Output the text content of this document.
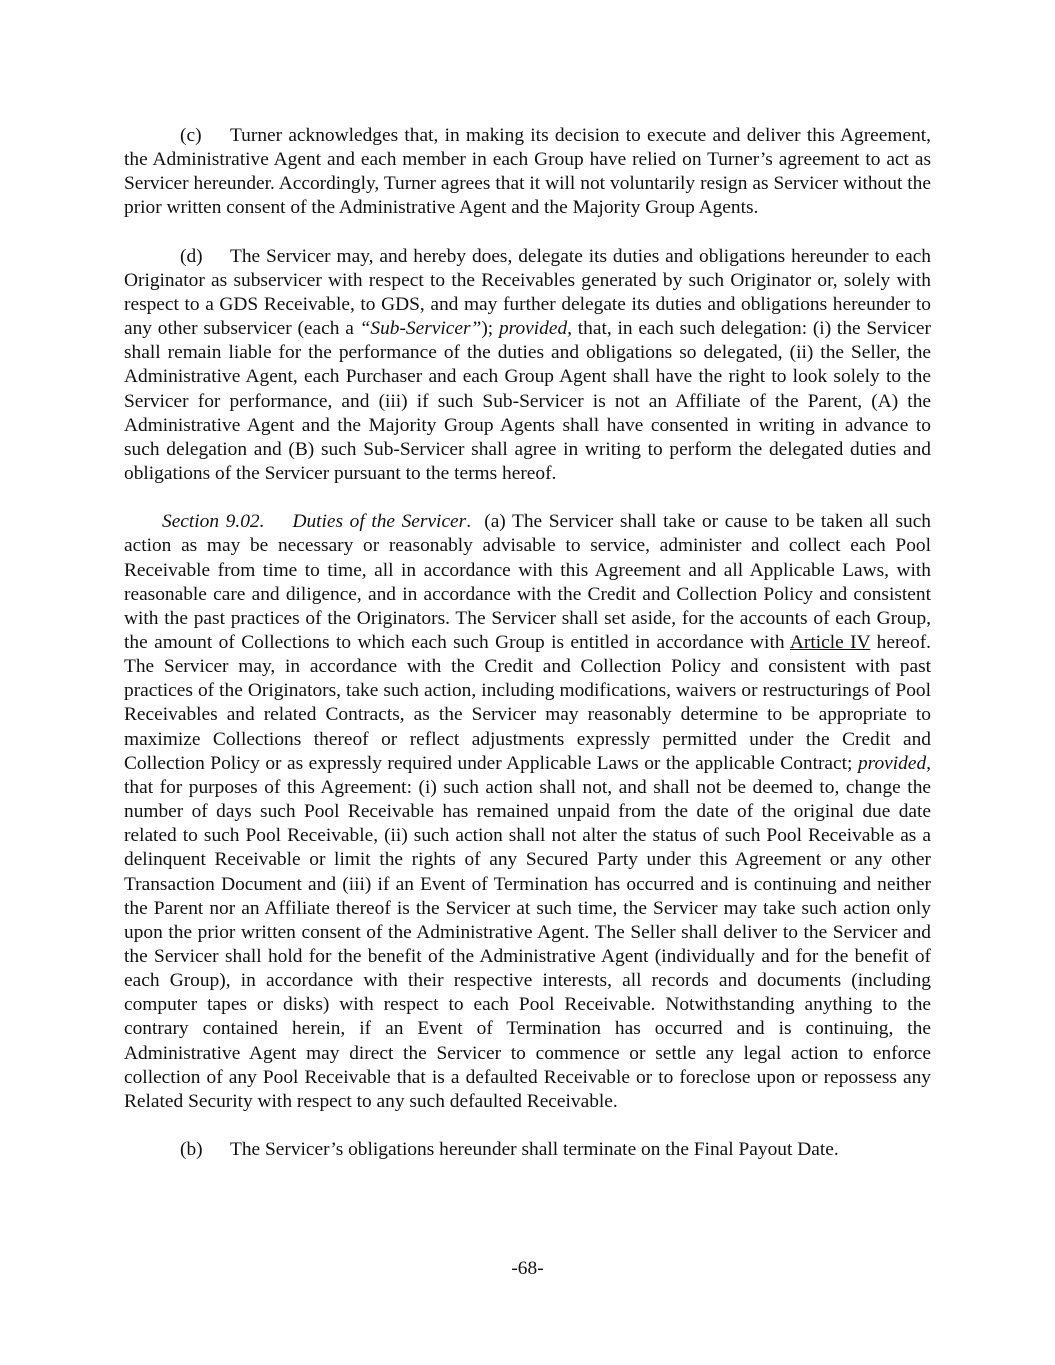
(c) Turner acknowledges that, in making its decision to execute and deliver this Agreement, the Administrative Agent and each member in each Group have relied on Turner’s agreement to act as Servicer hereunder. Accordingly, Turner agrees that it will not voluntarily resign as Servicer without the prior written consent of the Administrative Agent and the Majority Group Agents.

(d) The Servicer may, and hereby does, delegate its duties and obligations hereunder to each Originator as subservicer with respect to the Receivables generated by such Originator or, solely with respect to a GDS Receivable, to GDS, and may further delegate its duties and obligations hereunder to any other subservicer (each a “Sub-Servicer”); provided, that, in each such delegation: (i) the Servicer shall remain liable for the performance of the duties and obligations so delegated, (ii) the Seller, the Administrative Agent, each Purchaser and each Group Agent shall have the right to look solely to the Servicer for performance, and (iii) if such Sub-Servicer is not an Affiliate of the Parent, (A) the Administrative Agent and the Majority Group Agents shall have consented in writing in advance to such delegation and (B) such Sub-Servicer shall agree in writing to perform the delegated duties and obligations of the Servicer pursuant to the terms hereof.

Section 9.02. Duties of the Servicer. (a) The Servicer shall take or cause to be taken all such action as may be necessary or reasonably advisable to service, administer and collect each Pool Receivable from time to time, all in accordance with this Agreement and all Applicable Laws, with reasonable care and diligence, and in accordance with the Credit and Collection Policy and consistent with the past practices of the Originators. The Servicer shall set aside, for the accounts of each Group, the amount of Collections to which each such Group is entitled in accordance with Article IV hereof. The Servicer may, in accordance with the Credit and Collection Policy and consistent with past practices of the Originators, take such action, including modifications, waivers or restructurings of Pool Receivables and related Contracts, as the Servicer may reasonably determine to be appropriate to maximize Collections thereof or reflect adjustments expressly permitted under the Credit and Collection Policy or as expressly required under Applicable Laws or the applicable Contract; provided, that for purposes of this Agreement: (i) such action shall not, and shall not be deemed to, change the number of days such Pool Receivable has remained unpaid from the date of the original due date related to such Pool Receivable, (ii) such action shall not alter the status of such Pool Receivable as a delinquent Receivable or limit the rights of any Secured Party under this Agreement or any other Transaction Document and (iii) if an Event of Termination has occurred and is continuing and neither the Parent nor an Affiliate thereof is the Servicer at such time, the Servicer may take such action only upon the prior written consent of the Administrative Agent. The Seller shall deliver to the Servicer and the Servicer shall hold for the benefit of the Administrative Agent (individually and for the benefit of each Group), in accordance with their respective interests, all records and documents (including computer tapes or disks) with respect to each Pool Receivable. Notwithstanding anything to the contrary contained herein, if an Event of Termination has occurred and is continuing, the Administrative Agent may direct the Servicer to commence or settle any legal action to enforce collection of any Pool Receivable that is a defaulted Receivable or to foreclose upon or repossess any Related Security with respect to any such defaulted Receivable.

(b) The Servicer’s obligations hereunder shall terminate on the Final Payout Date.

-68-
